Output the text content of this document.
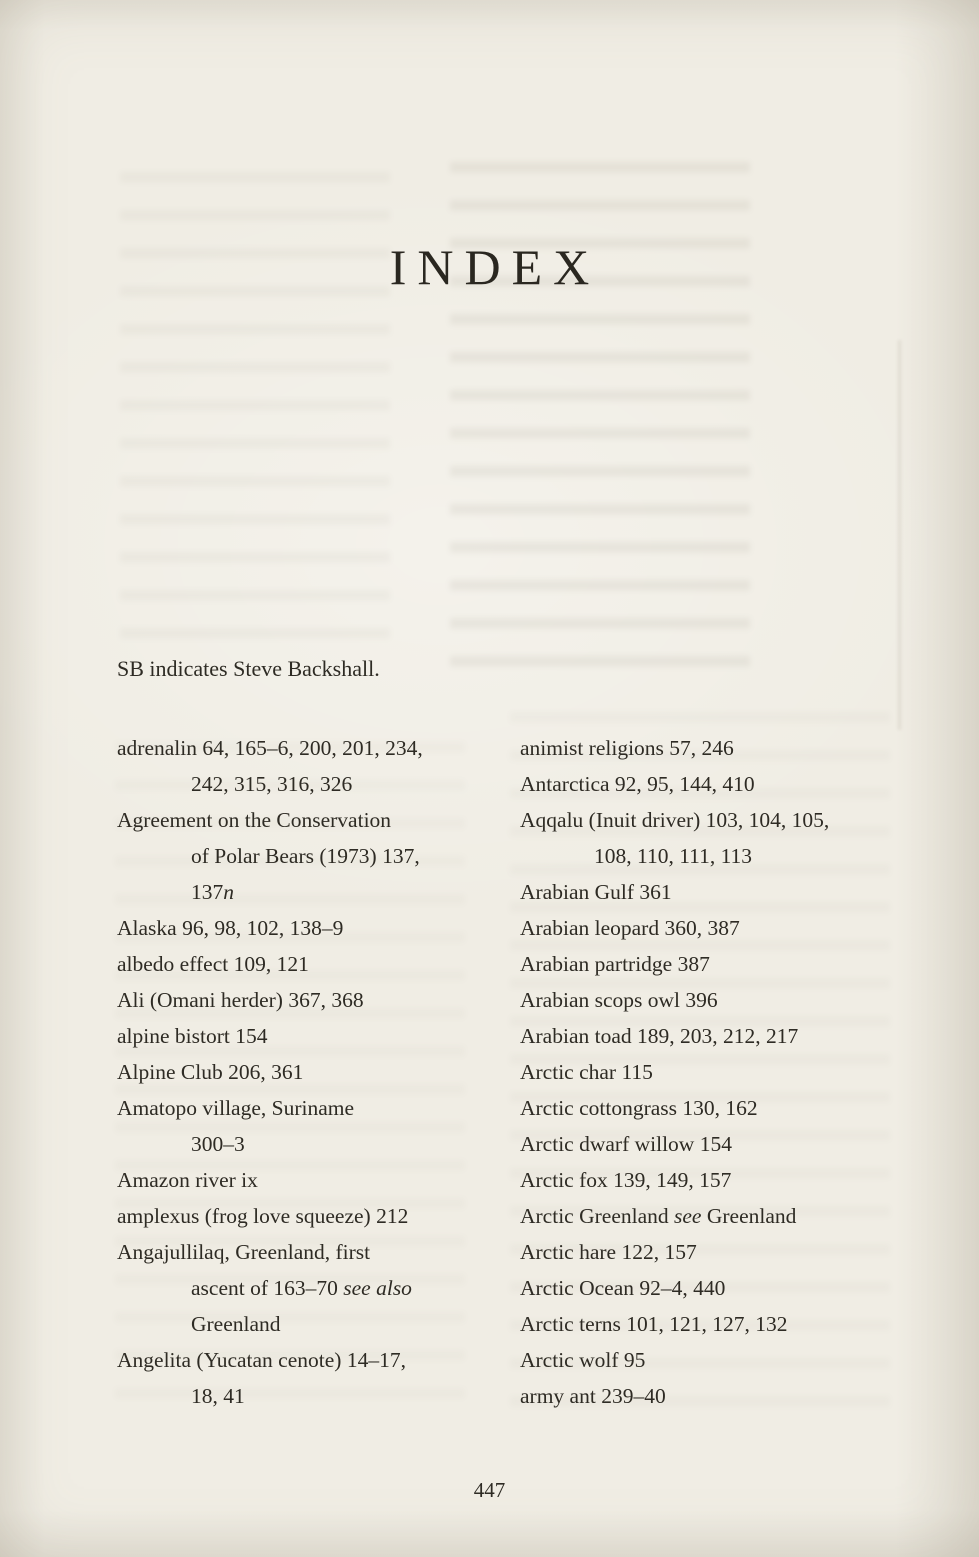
INDEX

SB indicates Steve Backshall.

adrenalin 64, 165–6, 200, 201, 234,
242, 315, 316, 326
Agreement on the Conservation
of Polar Bears (1973) 137,
137n
Alaska 96, 98, 102, 138–9
albedo effect 109, 121
Ali (Omani herder) 367, 368
alpine bistort 154
Alpine Club 206, 361
Amatopo village, Suriname
300–3
Amazon river ix
amplexus (frog love squeeze) 212
Angajullilaq, Greenland, first
ascent of 163–70 see also
Greenland
Angelita (Yucatan cenote) 14–17,
18, 41
animist religions 57, 246
Antarctica 92, 95, 144, 410
Aqqalu (Inuit driver) 103, 104, 105,
108, 110, 111, 113
Arabian Gulf 361
Arabian leopard 360, 387
Arabian partridge 387
Arabian scops owl 396
Arabian toad 189, 203, 212, 217
Arctic char 115
Arctic cottongrass 130, 162
Arctic dwarf willow 154
Arctic fox 139, 149, 157
Arctic Greenland see Greenland
Arctic hare 122, 157
Arctic Ocean 92–4, 440
Arctic terns 101, 121, 127, 132
Arctic wolf 95
army ant 239–40
447
